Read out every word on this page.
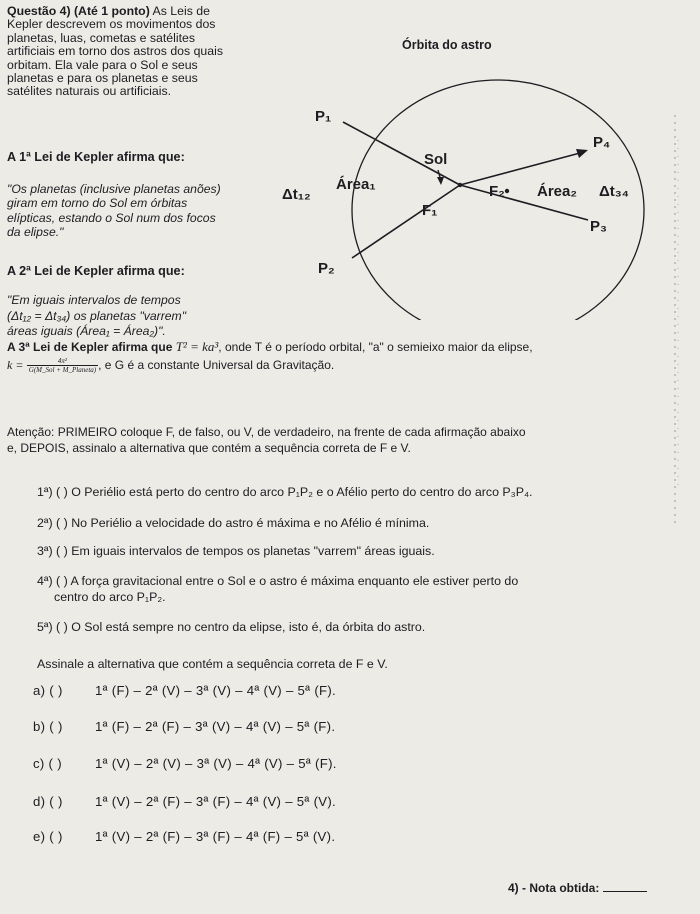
Questão 4) (Até 1 ponto) As Leis de
Kepler descrevem os movimentos dos
planetas, luas, cometas e satélites
artificiais em torno dos astros dos quais
orbitam. Ela vale para o Sol e seus
planetas e para os planetas e seus
satélites naturais ou artificiais.
A 1ª Lei de Kepler afirma que:
"Os planetas (inclusive planetas anões)
giram em torno do Sol em órbitas
elípticas, estando o Sol num dos focos
da elipse."
A 2ª Lei de Kepler afirma que:
"Em iguais intervalos de tempos
(Δt₁₂ = Δt₃₄) os planetas "varrem"
áreas iguais (Área₁ = Área₂)".
Órbita do astro
P₁
P₂
P₃
P₄
Sol
F₁
F₂
Área₁	Área₂
Δt₁₂	Δt₃₄
A 3ª Lei de Kepler afirma que T² = ka³, onde T é o período orbital, "a" o semieixo maior da elipse,
k =	4π²
G(M_Sol + M_Planeta) , e G é a constante Universal da Gravitação.
Atenção: PRIMEIRO coloque F, de falso, ou V, de verdadeiro, na frente de cada afirmação abaixo
e, DEPOIS, assinalo a alternativa que contém a sequência correta de F e V.
1ª) ( ) O Periélio está perto do centro do arco P₁P₂ e o Afélio perto do centro do arco P₃P₄.
2ª) ( ) No Periélio a velocidade do astro é máxima e no Afélio é mínima.
3ª) ( ) Em iguais intervalos de tempos os planetas "varrem" áreas iguais.
4ª) ( ) A força gravitacional entre o Sol e o astro é máxima enquanto ele estiver perto do
centro do arco P₁P₂.
5ª) ( ) O Sol está sempre no centro da elipse, isto é, da órbita do astro.
Assinale a alternativa que contém a sequência correta de F e V.
a) ( ) 1ª (F) – 2ª (V) – 3ª (V) – 4ª (V) – 5ª (F).
b) ( ) 1ª (F) – 2ª (F) – 3ª (V) – 4ª (V) – 5ª (F).
c) ( )	1ª (V) – 2ª (V) – 3ª (V) – 4ª (V) – 5ª (F).
d) ( ) 1ª (V) – 2ª (F) – 3ª (F) – 4ª (V) – 5ª (V).
e) ( ) 1ª (V) – 2ª (F) – 3ª (F) – 4ª (F) – 5ª (V).
4) - Nota obtida:
